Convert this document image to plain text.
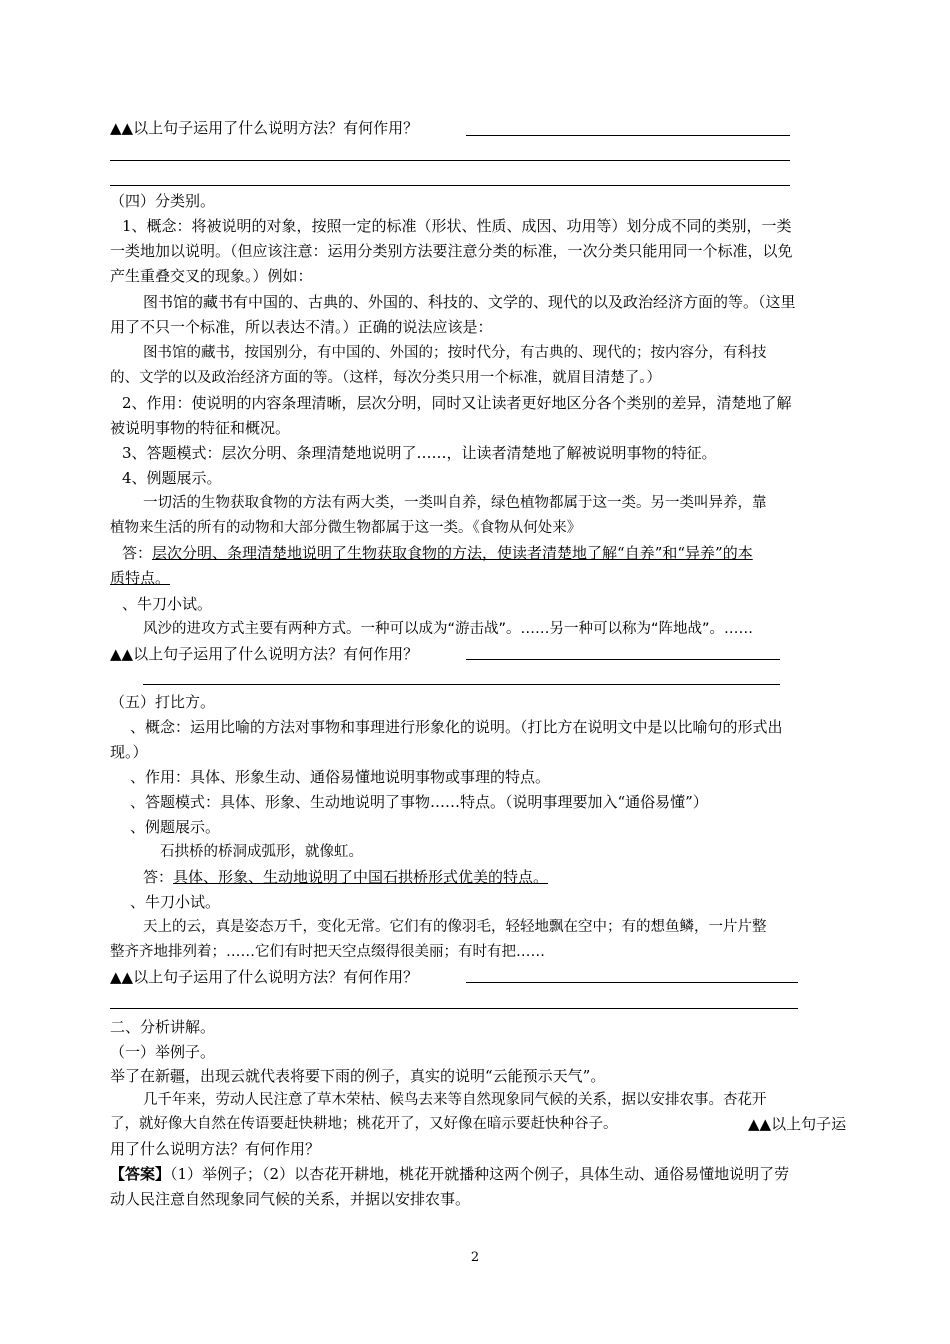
▲▲以上句子运用了什么说明方法？有何作用？
（四）分类别。
1、概念：将被说明的对象，按照一定的标准（形状、性质、成因、功用等）划分成不同的类别，一类
一类地加以说明。（但应该注意：运用分类别方法要注意分类的标准，一次分类只能用同一个标准，以免
产生重叠交叉的现象。）例如：
图书馆的藏书有中国的、古典的、外国的、科技的、文学的、现代的以及政治经济方面的等。（这里
用了不只一个标准，所以表达不清。）正确的说法应该是：
图书馆的藏书，按国别分，有中国的、外国的；按时代分，有古典的、现代的；按内容分，有科技
的、文学的以及政治经济方面的等。（这样，每次分类只用一个标准，就眉目清楚了。）
2、作用：使说明的内容条理清晰，层次分明，同时又让读者更好地区分各个类别的差异，清楚地了解
被说明事物的特征和概况。
3、答题模式：层次分明、条理清楚地说明了……，让读者清楚地了解被说明事物的特征。
4、例题展示。
一切活的生物获取食物的方法有两大类，一类叫自养，绿色植物都属于这一类。另一类叫异养，靠
植物来生活的所有的动物和大部分微生物都属于这一类。《食物从何处来》
答：层次分明、条理清楚地说明了生物获取食物的方法，使读者清楚地了解“自养”和“异养”的本
质特点。
、牛刀小试。
风沙的进攻方式主要有两种方式。一种可以成为“游击战”。……另一种可以称为“阵地战”。……
▲▲以上句子运用了什么说明方法？有何作用？
（五）打比方。
、概念：运用比喻的方法对事物和事理进行形象化的说明。（打比方在说明文中是以比喻句的形式出
现。）
、作用：具体、形象生动、通俗易懂地说明事物或事理的特点。
、答题模式：具体、形象、生动地说明了事物……特点。（说明事理要加入“通俗易懂”）
、例题展示。
石拱桥的桥洞成弧形，就像虹。
答：具体、形象、生动地说明了中国石拱桥形式优美的特点。
、牛刀小试。
天上的云，真是姿态万千，变化无常。它们有的像羽毛，轻轻地飘在空中；有的想鱼鳞，一片片整
整齐齐地排列着；……它们有时把天空点缀得很美丽；有时有把……
▲▲以上句子运用了什么说明方法？有何作用？
二、分析讲解。
（一）举例子。
举了在新疆，出现云就代表将要下雨的例子，真实的说明“云能预示天气”。
几千年来，劳动人民注意了草木荣枯、候鸟去来等自然现象同气候的关系，据以安排农事。杏花开
了，就好像大自然在传语要赶快耕地；桃花开了，又好像在暗示要赶快种谷子。	▲▲以上句子运
用了什么说明方法？有何作用？
【答案】（1）举例子；（2）以杏花开耕地，桃花开就播种这两个例子，具体生动、通俗易懂地说明了劳
动人民注意自然现象同气候的关系，并据以安排农事。
2
